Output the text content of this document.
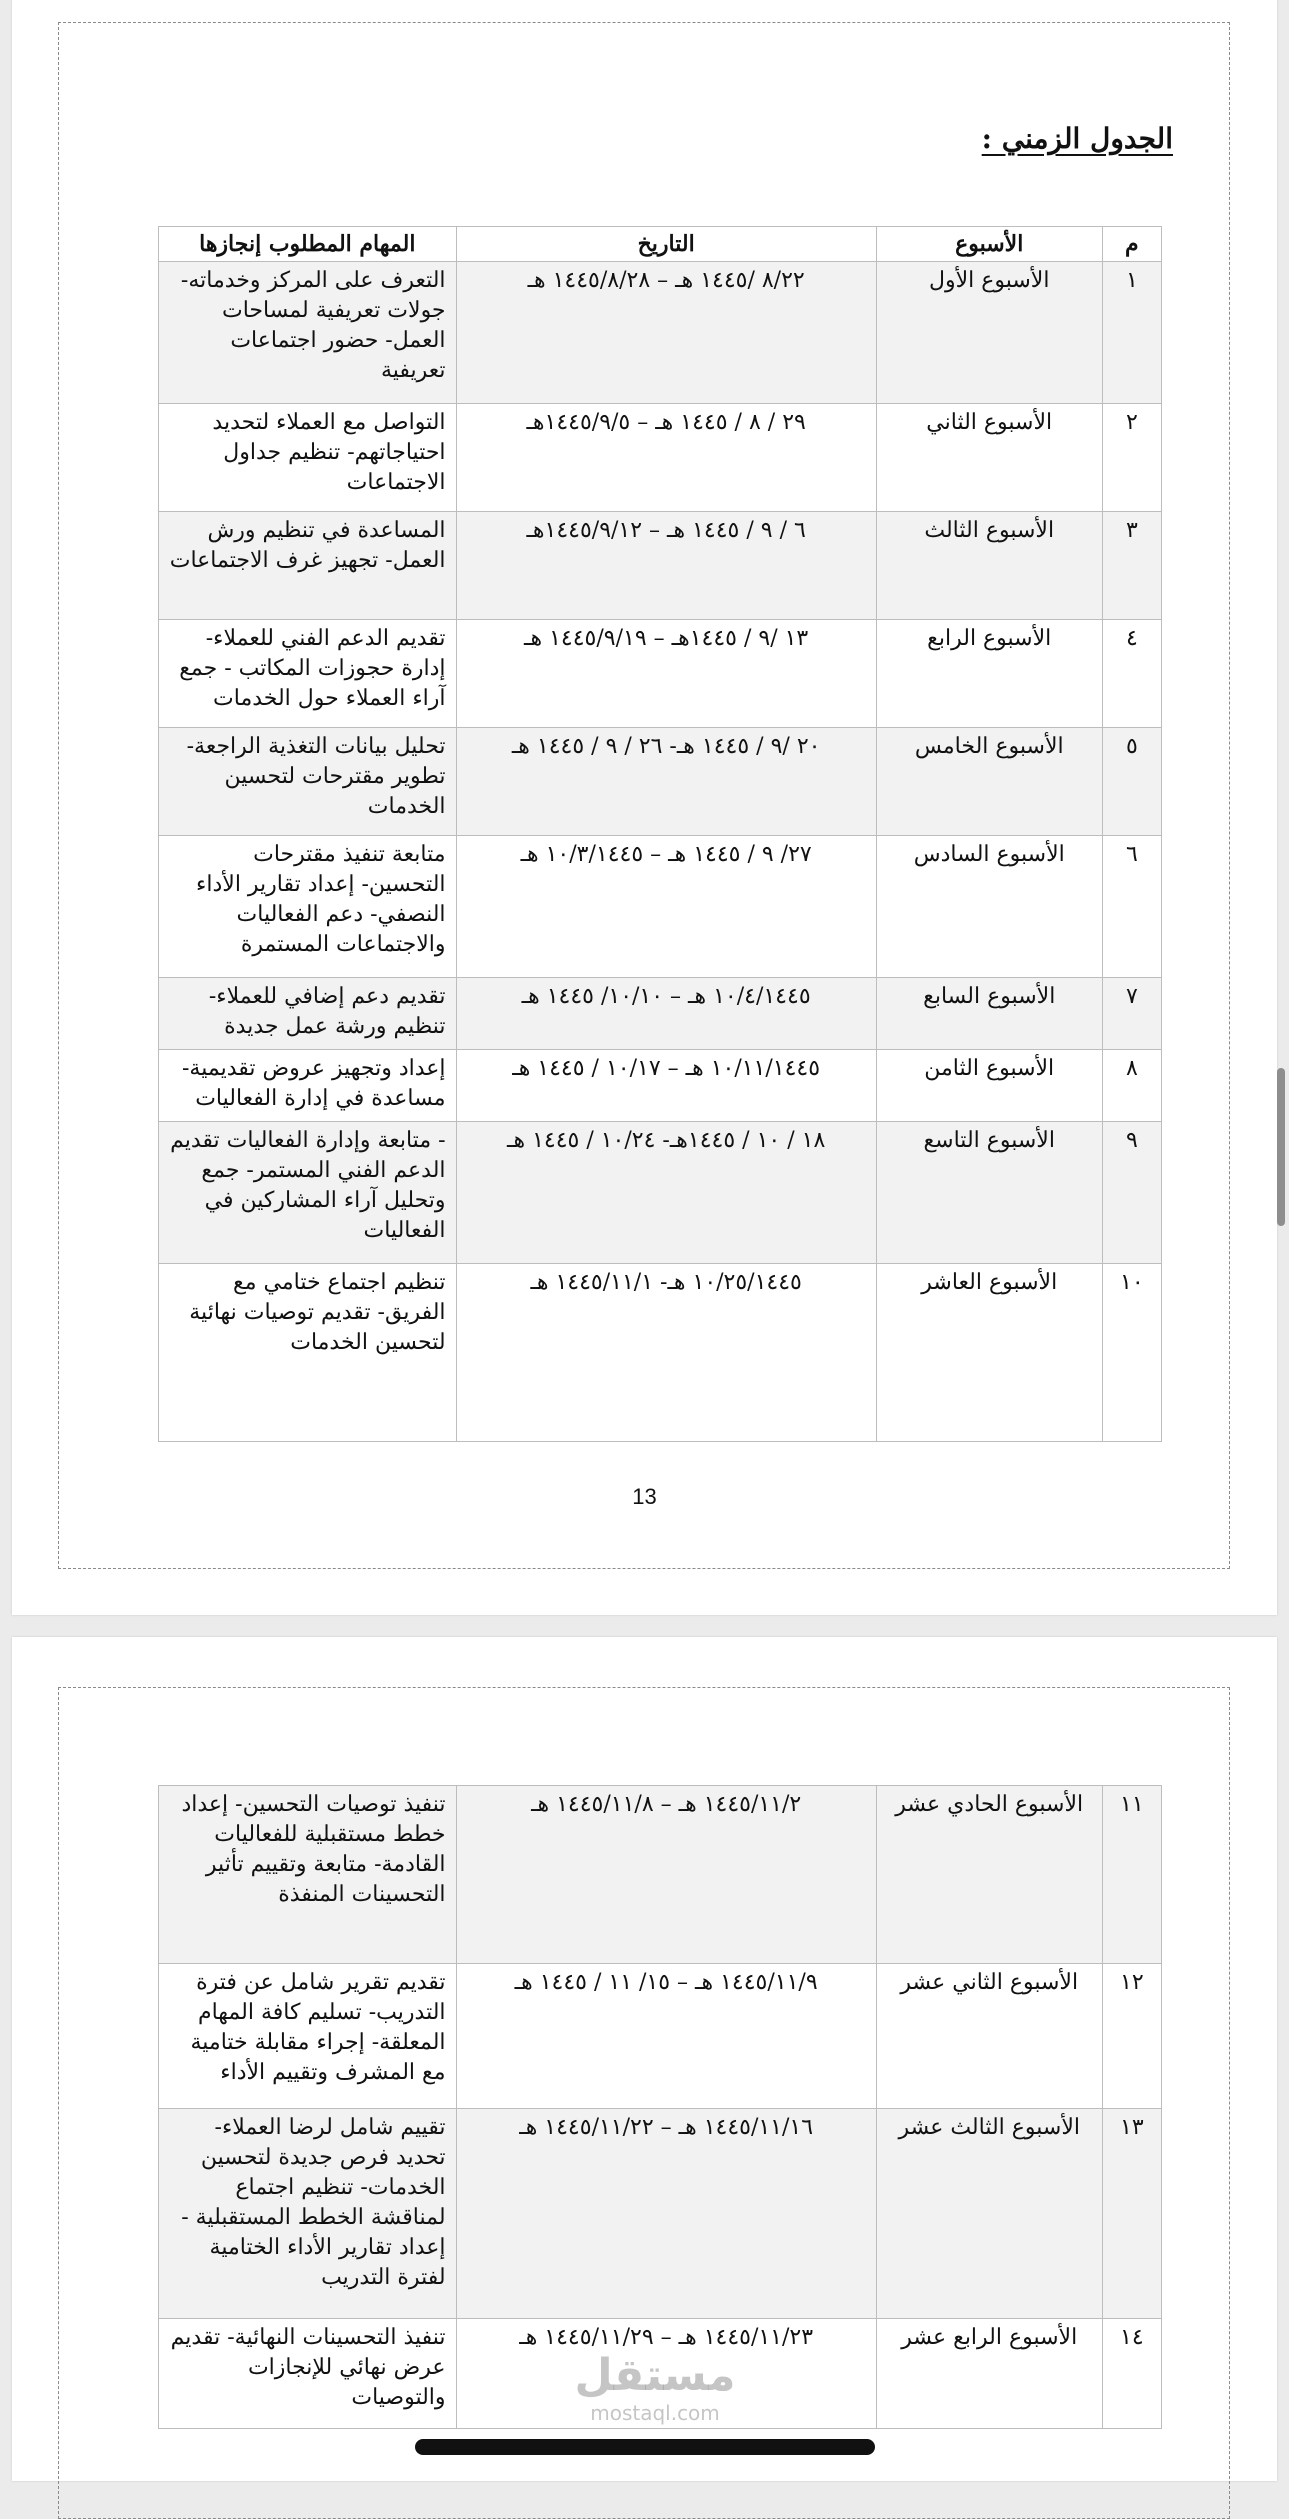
الجدول الزمني :
م	الأسبوع	التاريخ	المهام المطلوب إنجازها
١	الأسبوع الأول	٨/٢٢ /١٤٤٥ هـ – ١٤٤٥/٨/٢٨ هـ	التعرف على المركز وخدماته- جولات تعريفية لمساحات العمل- حضور اجتماعات تعريفية
٢	الأسبوع الثاني	٢٩ / ٨ / ١٤٤٥ هـ – ١٤٤٥/٩/٥هـ	التواصل مع العملاء لتحديد احتياجاتهم- تنظيم جداول الاجتماعات
٣	الأسبوع الثالث	٦ / ٩ / ١٤٤٥ هـ – ١٤٤٥/٩/١٢هـ	المساعدة في تنظيم ورش العمل- تجهيز غرف الاجتماعات
٤	الأسبوع الرابع	١٣ /٩ / ١٤٤٥هـ – ١٤٤٥/٩/١٩ هـ	تقديم الدعم الفني للعملاء- إدارة حجوزات المكاتب - جمع آراء العملاء حول الخدمات
٥	الأسبوع الخامس	٢٠ /٩ / ١٤٤٥ هـ- ٢٦ / ٩ / ١٤٤٥ هـ	تحليل بيانات التغذية الراجعة- تطوير مقترحات لتحسين الخدمات
٦	الأسبوع السادس	٢٧/ ٩ / ١٤٤٥ هـ – ١٠/٣/١٤٤٥ هـ	متابعة تنفيذ مقترحات التحسين- إعداد تقارير الأداء النصفي- دعم الفعاليات والاجتماعات المستمرة
٧	الأسبوع السابع	١٠/٤/١٤٤٥ هـ – ١٠/١٠/ ١٤٤٥ هـ	تقديم دعم إضافي للعملاء- تنظيم ورشة عمل جديدة
٨	الأسبوع الثامن	١٠/١١/١٤٤٥ هـ – ١٠/١٧ / ١٤٤٥ هـ	إعداد وتجهيز عروض تقديمية- مساعدة في إدارة الفعاليات
٩	الأسبوع التاسع	١٨ / ١٠ / ١٤٤٥هـ- ١٠/٢٤ / ١٤٤٥ هـ	- متابعة وإدارة الفعاليات تقديم الدعم الفني المستمر- جمع وتحليل آراء المشاركين في الفعاليات
١٠	الأسبوع العاشر	١٠/٢٥/١٤٤٥ هـ- ١٤٤٥/١١/١ هـ	تنظيم اجتماع ختامي مع الفريق- تقديم توصيات نهائية لتحسين الخدمات
13
١١	الأسبوع الحادي عشر	١٤٤٥/١١/٢ هـ – ١٤٤٥/١١/٨ هـ	تنفيذ توصيات التحسين- إعداد خطط مستقبلية للفعاليات القادمة- متابعة وتقييم تأثير التحسينات المنفذة
١٢	الأسبوع الثاني عشر	١٤٤٥/١١/٩ هـ – ١٥/ ١١ / ١٤٤٥ هـ	تقديم تقرير شامل عن فترة التدريب- تسليم كافة المهام المعلقة- إجراء مقابلة ختامية مع المشرف وتقييم الأداء
١٣	الأسبوع الثالث عشر	١٤٤٥/١١/١٦ هـ – ١٤٤٥/١١/٢٢ هـ	تقييم شامل لرضا العملاء- تحديد فرص جديدة لتحسين الخدمات- تنظيم اجتماع لمناقشة الخطط المستقبلية - إعداد تقارير الأداء الختامية لفترة التدريب
١٤	الأسبوع الرابع عشر	١٤٤٥/١١/٢٣ هـ – ١٤٤٥/١١/٢٩ هـ	تنفيذ التحسينات النهائية- تقديم عرض نهائي للإنجازات والتوصيات	مستقل
mostaql.com
